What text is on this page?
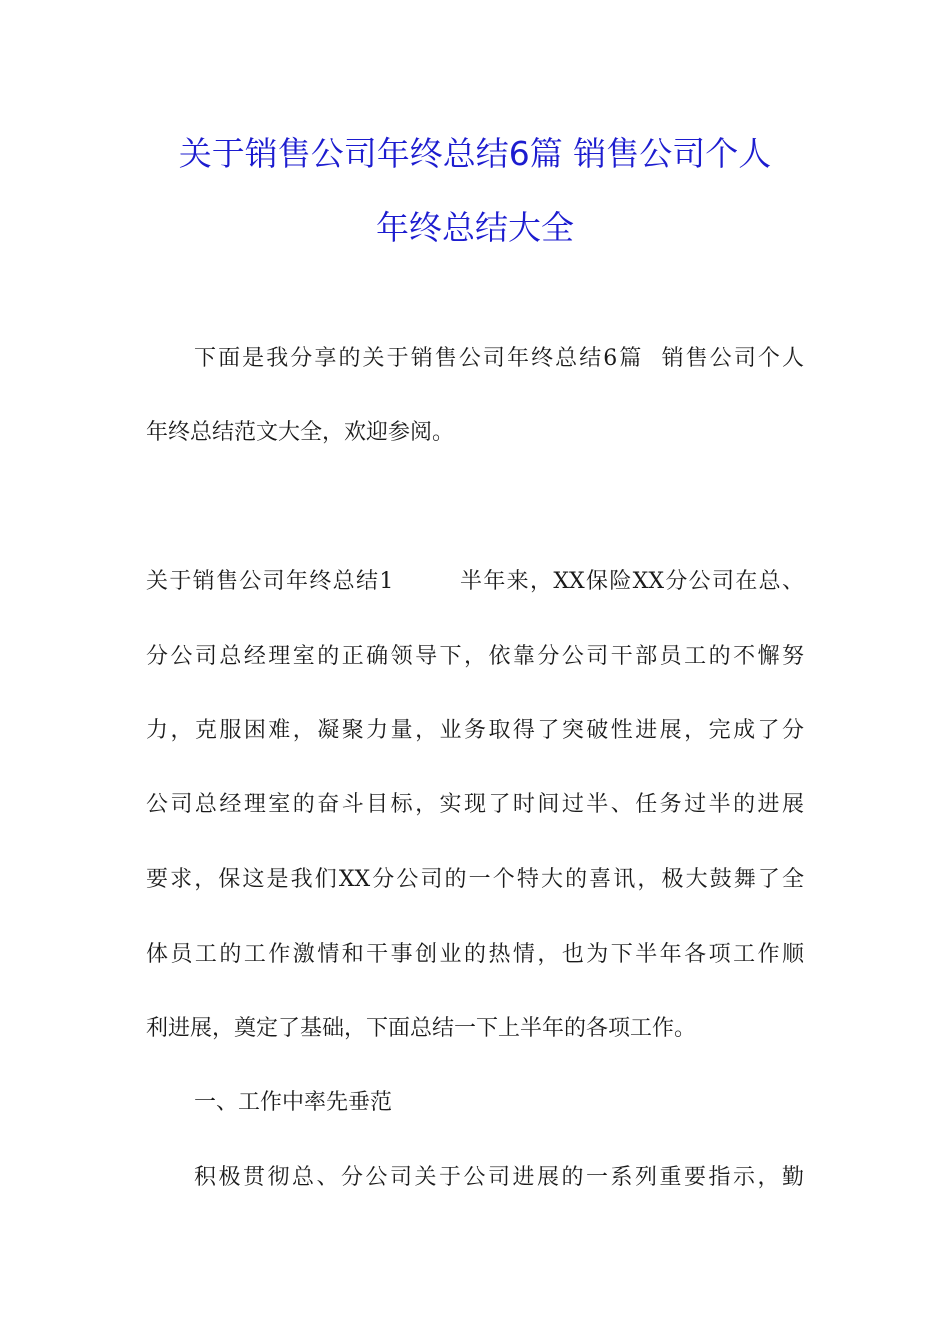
关于销售公司年终总结6篇 销售公司个人
年终总结大全
下面是我分享的关于销售公司年终总结6篇  销售公司个人
年终总结范文大全，欢迎参阅。
关于销售公司年终总结1        半年来，XX保险XX分公司在总、
分公司总经理室的正确领导下，依靠分公司干部员工的不懈努
力，克服困难，凝聚力量，业务取得了突破性进展，完成了分
公司总经理室的奋斗目标，实现了时间过半、任务过半的进展
要求，保这是我们XX分公司的一个特大的喜讯，极大鼓舞了全
体员工的工作激情和干事创业的热情，也为下半年各项工作顺
利进展，奠定了基础，下面总结一下上半年的各项工作。
一、工作中率先垂范
积极贯彻总、分公司关于公司进展的一系列重要指示，勤
